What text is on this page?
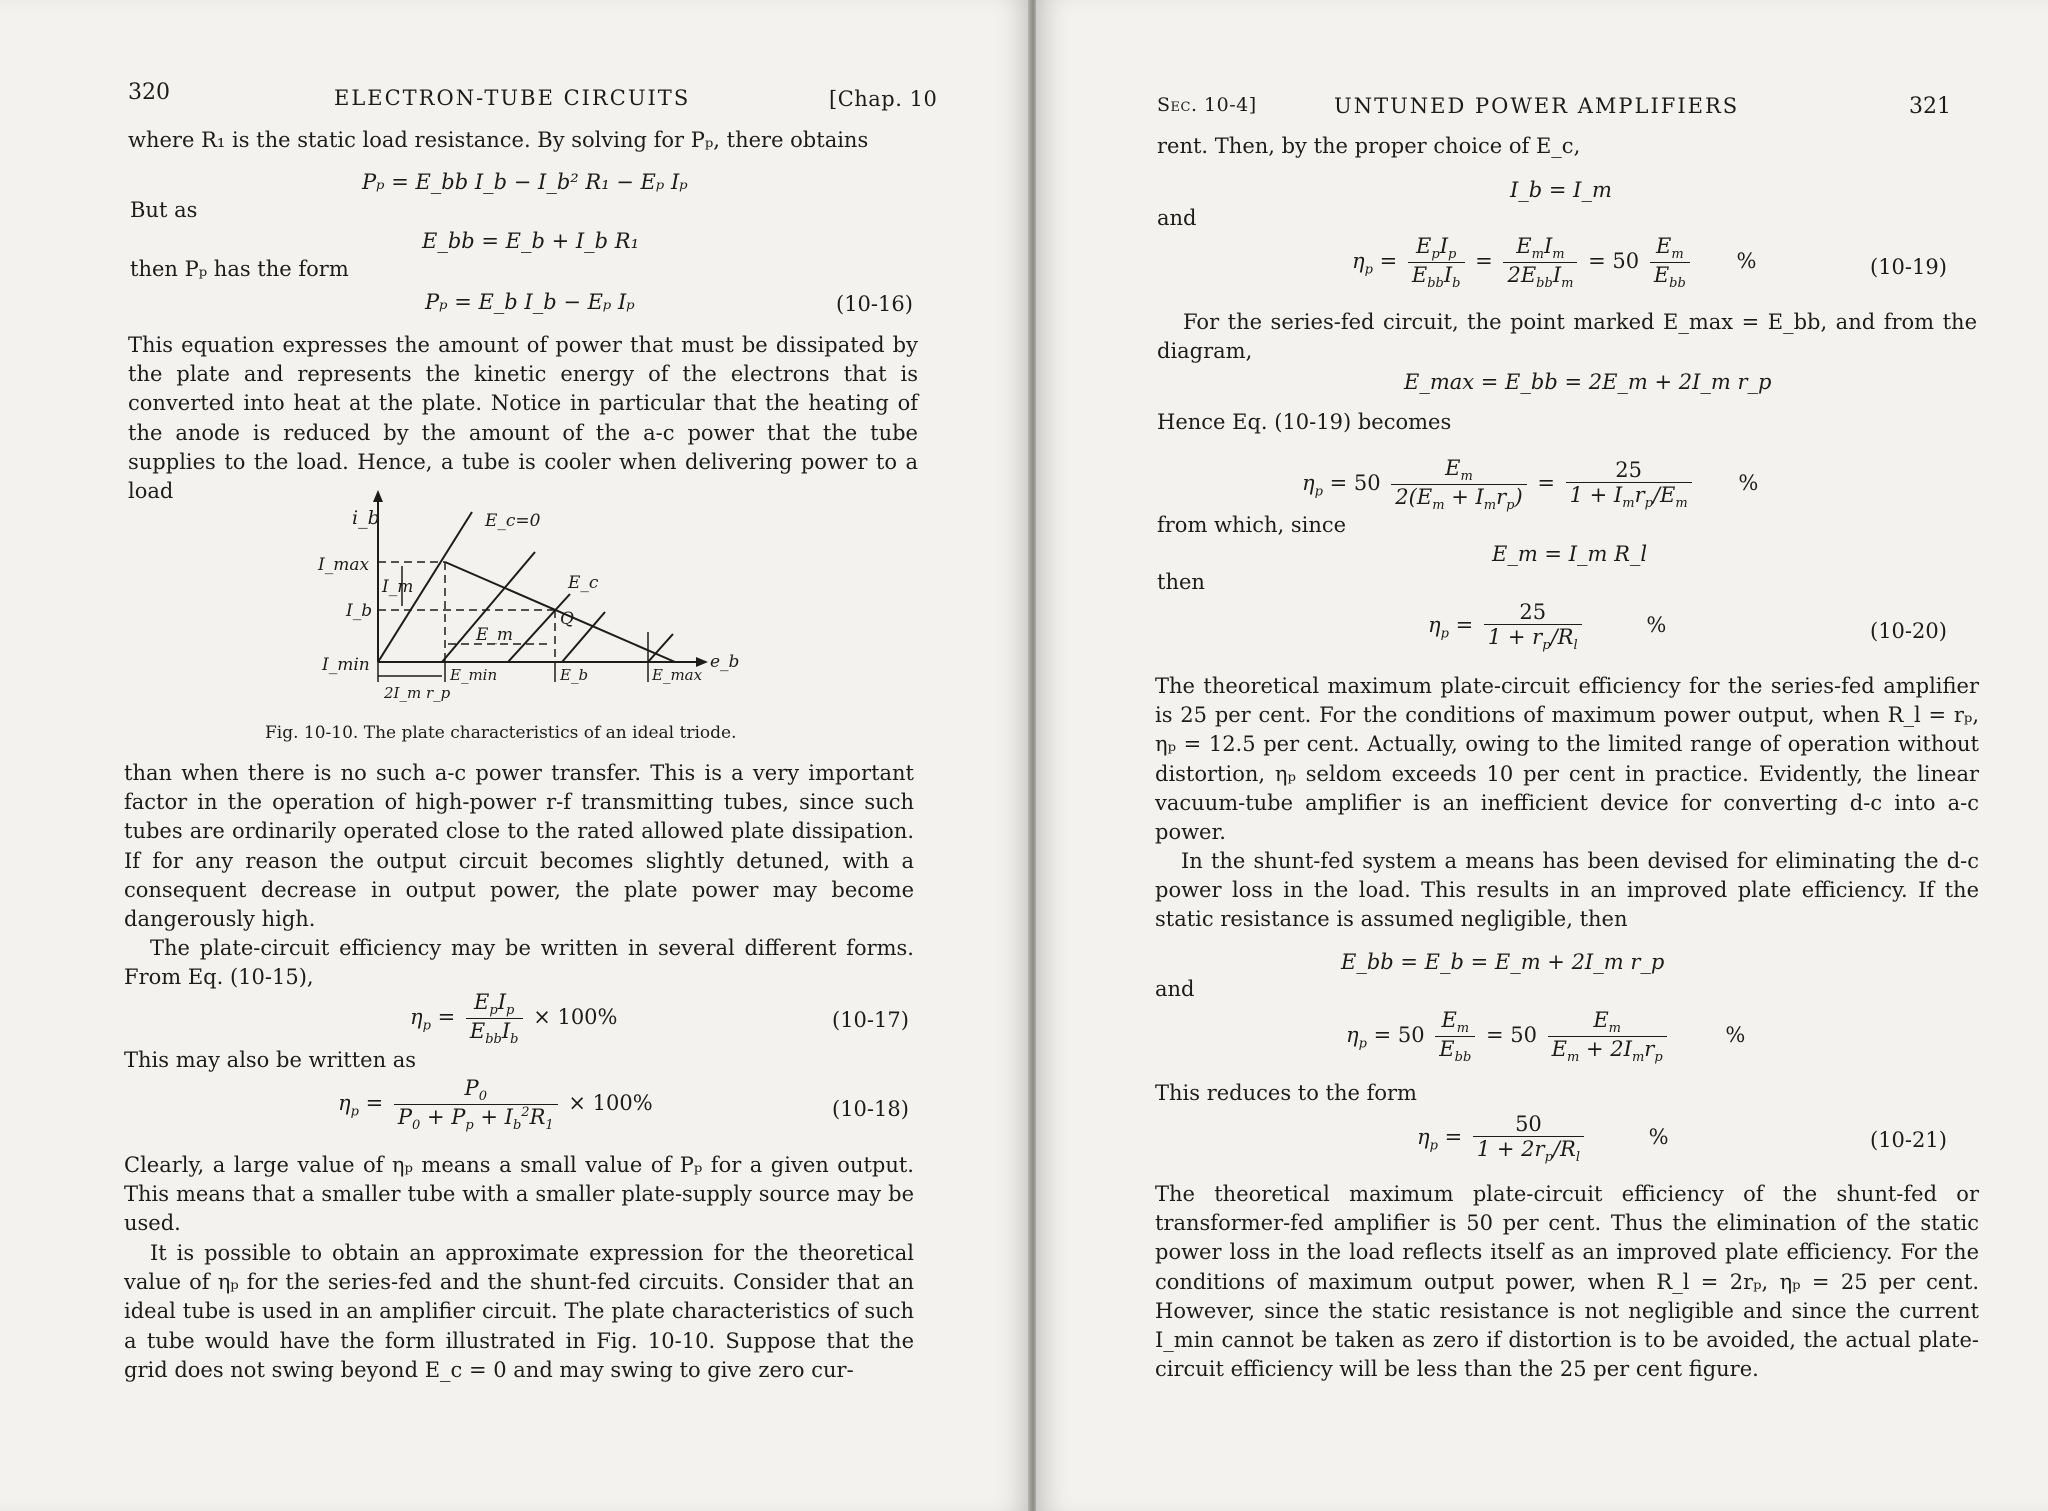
320	ELECTRON-TUBE CIRCUITS	[Chap. 10
where R₁ is the static load resistance. By solving for Pₚ, there obtains
Pₚ = E_bb I_b − I_b² R₁ − Eₚ Iₚ
But as
E_bb = E_b + I_b R₁
then Pₚ has the form
Pₚ = E_b I_b − Eₚ Iₚ	(10-16)

This equation expresses the amount of power that must be dissipated by the plate and represents the kinetic energy of the electrons that is converted into heat at the plate. Notice in particular that the heating of the anode is reduced by the amount of the a-c power that the tube supplies to the load. Hence, a tube is cooler when delivering power to a load

i_b
I_max
I_b
I_min
E_c=0
E_c
Q
I_m
E_m
e_b
E_min	E_b	E_max
2I_m r_p
Fig. 10-10. The plate characteristics of an ideal triode.

than when there is no such a-c power transfer. This is a very important factor in the operation of high-power r-f transmitting tubes, since such tubes are ordinarily operated close to the rated allowed plate dissipation. If for any reason the output circuit becomes slightly detuned, with a consequent decrease in output power, the plate power may become dangerously high.

The plate-circuit efficiency may be written in several different forms. From Eq. (10-15),

$\eta_p = \frac{E_pI_p}{E_{bb}I_b} \times 100\%$	(10-17)
This may also be written as
$\eta_p = \frac{P_0}{P_0 + P_p + I_b^2R_1} \times 100\%$	(10-18)

Clearly, a large value of ηₚ means a small value of Pₚ for a given output. This means that a smaller tube with a smaller plate-supply source may be used.

It is possible to obtain an approximate expression for the theoretical value of ηₚ for the series-fed and the shunt-fed circuits. Consider that an ideal tube is used in an amplifier circuit. The plate characteristics of such a tube would have the form illustrated in Fig. 10-10. Suppose that the grid does not swing beyond E_c = 0 and may swing to give zero cur-

Sec. 10-4]	UNTUNED POWER AMPLIFIERS	321
rent. Then, by the proper choice of E_c,
I_b = I_m
and
$\eta_p = \frac{E_pI_p}{E_{bb}I_b} = \frac{E_mI_m}{2E_{bb}I_m} = 50 \frac{E_m}{E_{bb}}$ %	(10-19)

For the series-fed circuit, the point marked E_max = E_bb, and from the diagram,

E_max = E_bb = 2E_m + 2I_m r_p
Hence Eq. (10-19) becomes
$\eta_p = 50 \frac{E_m}{2(E_m + I_mr_p)} = \frac{25}{1 + I_mr_p/E_m}$ %
from which, since
E_m = I_m R_l
then
$\eta_p = \frac{25}{1 + r_p/R_l}$	%	(10-20)

The theoretical maximum plate-circuit efficiency for the series-fed amplifier is 25 per cent. For the conditions of maximum power output, when R_l = rₚ, ηₚ = 12.5 per cent. Actually, owing to the limited range of operation without distortion, ηₚ seldom exceeds 10 per cent in practice. Evidently, the linear vacuum-tube amplifier is an inefficient device for converting d-c into a-c power.

In the shunt-fed system a means has been devised for eliminating the d-c power loss in the load. This results in an improved plate efficiency. If the static resistance is assumed negligible, then

E_bb = E_b = E_m + 2I_m r_p
and
$\eta_p = 50 \frac{E_m}{E_{bb}} = 50 \frac{E_m}{E_m + 2I_mr_p}$	%
This reduces to the form
$\eta_p = \frac{50}{1 + 2r_p/R_l}$	%	(10-21)

The theoretical maximum plate-circuit efficiency of the shunt-fed or transformer-fed amplifier is 50 per cent. Thus the elimination of the static power loss in the load reflects itself as an improved plate efficiency. For the conditions of maximum output power, when R_l = 2rₚ, ηₚ = 25 per cent. However, since the static resistance is not negligible and since the current I_min cannot be taken as zero if distortion is to be avoided, the actual plate-circuit efficiency will be less than the 25 per cent figure.
